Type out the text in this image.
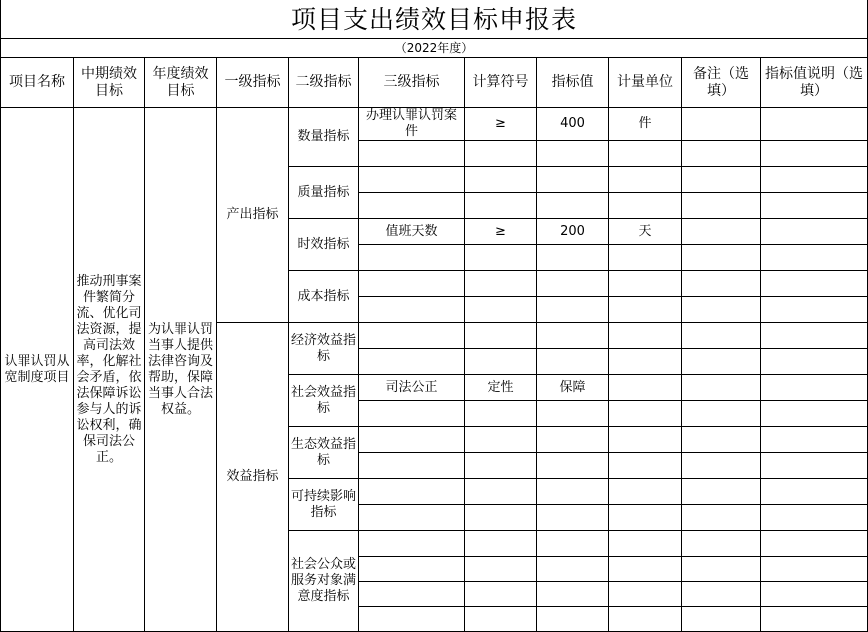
项目支出绩效目标申报表
（2022年度）
项目名称	中期绩效目标	年度绩效目标	一级指标	二级指标	三级指标	计算符号	指标值	计量单位	备注（选填）	指标值说明（选填）
认罪认罚从宽制度项目	推动刑事案件繁简分流、优化司法资源，提高司法效率，化解社会矛盾，依法保障诉讼参与人的诉讼权利，确保司法公正。	为认罪认罚当事人提供法律咨询及帮助，保障当事人合法权益。	产出指标	数量指标	办理认罪认罚案件	≥	400	件		

				质量指标						

				时效指标	值班天数	≥	200	天		

				成本指标						

			效益指标	经济效益指标						

				社会效益指标	司法公正	定性	保障			

				生态效益指标						

				可持续影响指标						

				社会公众或服务对象满意度指标						
